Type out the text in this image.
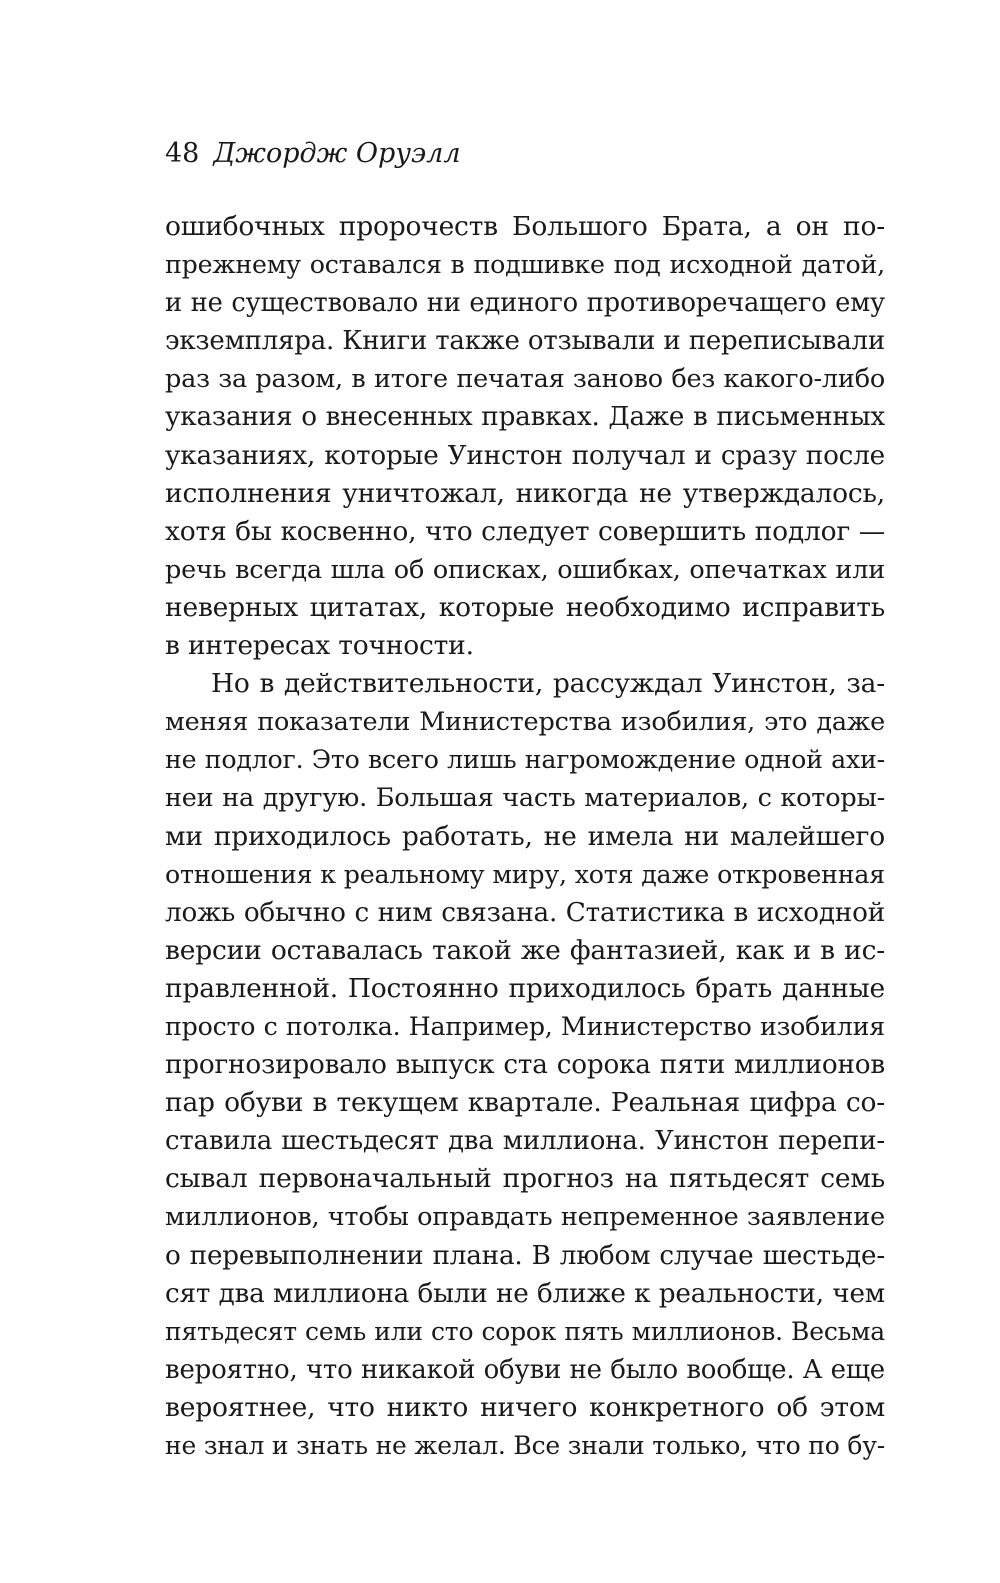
48 Джордж Оруэлл
ошибочных пророчеств Большого Брата, а он по-
прежнему оставался в подшивке под исходной датой,
и не существовало ни единого противоречащего ему
экземпляра. Книги также отзывали и переписывали
раз за разом, в итоге печатая заново без какого-либо
указания о внесенных правках. Даже в письменных
указаниях, которые Уинстон получал и сразу после
исполнения уничтожал, никогда не утверждалось,
хотя бы косвенно, что следует совершить подлог —
речь всегда шла об описках, ошибках, опечатках или
неверных цитатах, которые необходимо исправить
в интересах точности.
Но в действительности, рассуждал Уинстон, за-
меняя показатели Министерства изобилия, это даже
не подлог. Это всего лишь нагромождение одной ахи-
неи на другую. Большая часть материалов, с которы-
ми приходилось работать, не имела ни малейшего
отношения к реальному миру, хотя даже откровенная
ложь обычно с ним связана. Статистика в исходной
версии оставалась такой же фантазией, как и в ис-
правленной. Постоянно приходилось брать данные
просто с потолка. Например, Министерство изобилия
прогнозировало выпуск ста сорока пяти миллионов
пар обуви в текущем квартале. Реальная цифра со-
ставила шестьдесят два миллиона. Уинстон перепи-
сывал первоначальный прогноз на пятьдесят семь
миллионов, чтобы оправдать непременное заявление
о перевыполнении плана. В любом случае шестьде-
сят два миллиона были не ближе к реальности, чем
пятьдесят семь или сто сорок пять миллионов. Весьма
вероятно, что никакой обуви не было вообще. А еще
вероятнее, что никто ничего конкретного об этом
не знал и знать не желал. Все знали только, что по бу-
